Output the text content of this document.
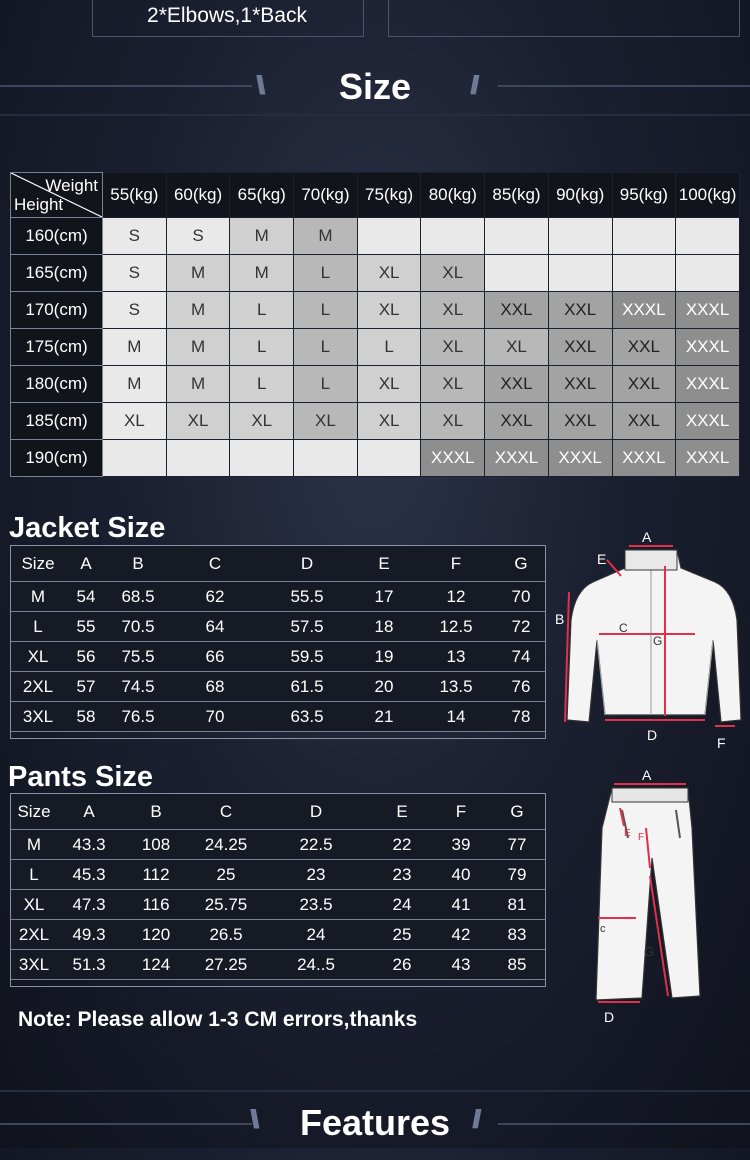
2*Elbows,1*Back
\\\	///
Size
Weight
Height	55(kg)	60(kg)	65(kg)	70(kg)	75(kg)	80(kg)	85(kg)	90(kg)	95(kg)	100(kg)
160(cm)	S	S	M	M						
165(cm)	S	M	M	L	XL	XL				
170(cm)	S	M	L	L	XL	XL	XXL	XXL	XXXL	XXXL
175(cm)	M	M	L	L	L	XL	XL	XXL	XXL	XXXL
180(cm)	M	M	L	L	XL	XL	XXL	XXL	XXL	XXXL
185(cm)	XL	XL	XL	XL	XL	XL	XXL	XXL	XXL	XXXL
190(cm)						XXXL	XXXL	XXXL	XXXL	XXXL
Jacket Size
Size	A	B	C	D	E	F	G
M	54	68.5	62	55.5	17	12	70
L	55	70.5	64	57.5	18	12.5	72
XL	56	75.5	66	59.5	19	13	74
2XL	57	74.5	68	61.5	20	13.5	76
3XL	58	76.5	70	63.5	21	14	78
A
B
C
D
E
F
G
Pants Size
Size	A	B	C	D	E	F	G
M	43.3	108	24.25	22.5	22	39	77
L	45.3	112	25	23	23	40	79
XL	47.3	116	25.75	23.5	24	41	81
2XL	49.3	120	26.5	24	25	42	83
3XL	51.3	124	27.25	24..5	26	43	85
A
c
D
E F
G
Note: Please allow 1-3 CM errors,thanks
\\\	///
Features
